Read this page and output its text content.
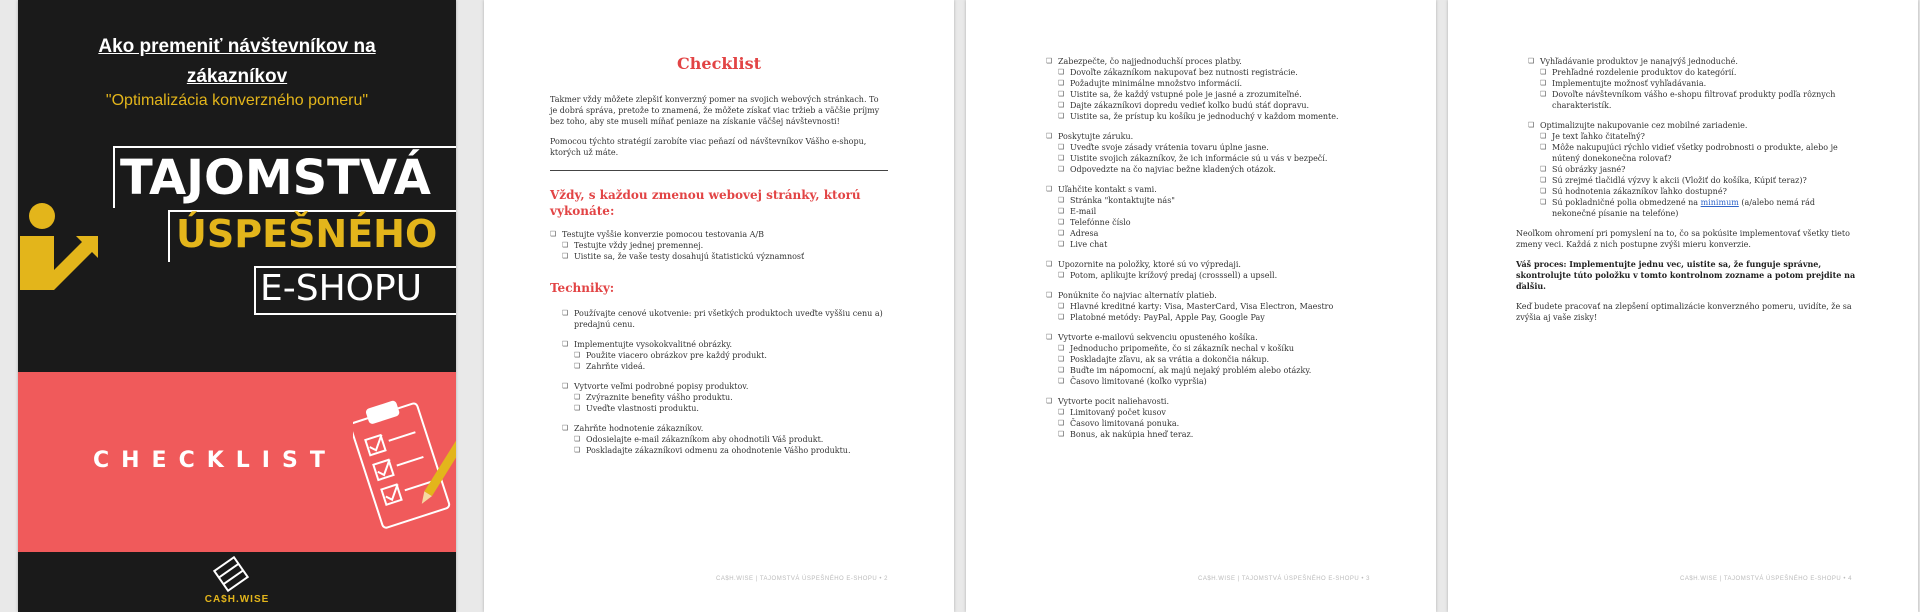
Ako premeniť návštevníkov na
zákazníkov
"Optimalizácia konverzného pomeru"
TAJOMSTVÁ
ÚSPEŠNÉHO
E-SHOPU
CHECKLIST
CA$H.WISE
Checklist

Takmer vždy môžete zlepšiť konverzný pomer na svojich webových stránkach. To je dobrá správa, pretože to znamená, že môžete získať viac tržieb a väčšie príjmy bez toho, aby ste museli míňať peniaze na získanie väčšej návštevnosti!

Pomocou týchto stratégií zarobíte viac peňazí od návštevníkov Vášho e-shopu, ktorých už máte.

Vždy, s každou zmenou webovej stránky, ktorú vykonáte:
❏ Testujte vyššie konverzie pomocou testovania A/B
❏ Testujte vždy jednej premennej.
❏ Uistite sa, že vaše testy dosahujú štatistickú významnosť
Techniky:
❏ Používajte cenové ukotvenie: pri všetkých produktoch uveďte vyššiu cenu a) predajnú cenu.
❏ Implementujte vysokokvalitné obrázky.
❏ Použite viacero obrázkov pre každý produkt.
❏ Zahrňte videá.
❏ Vytvorte veľmi podrobné popisy produktov.
❏ Zvýraznite benefity vášho produktu.
❏ Uveďte vlastnosti produktu.
❏ Zahrňte hodnotenie zákazníkov.
❏ Odosielajte e-mail zákazníkom aby ohodnotili Váš produkt.
❏ Poskladajte zákazníkovi odmenu za ohodnotenie Vášho produktu.
CA$H.WISE | TAJOMSTVÁ ÚSPEŠNÉHO E-SHOPU • 2
❏ Zabezpečte, čo najjednoduchší proces platby.
❏ Dovoľte zákazníkom nakupovať bez nutnosti registrácie.
❏ Požadujte minimálne množstvo informácií.
❏ Uistite sa, že každý vstupné pole je jasné a zrozumiteľné.
❏ Dajte zákazníkovi dopredu vedieť koľko budú stáť dopravu.
❏ Uistite sa, že prístup ku košíku je jednoduchý v každom momente.
❏ Poskytujte záruku.
❏ Uveďte svoje zásady vrátenia tovaru úplne jasne.
❏ Uistite svojich zákazníkov, že ich informácie sú u vás v bezpečí.
❏ Odpovedzte na čo najviac bežne kladených otázok.
❏ Uľahčite kontakt s vami.
❏ Stránka "kontaktujte nás"
❏ E-mail
❏ Telefónne číslo
❏ Adresa
❏ Live chat
❏ Upozornite na položky, ktoré sú vo výpredaji.
❏ Potom, aplikujte krížový predaj (crosssell) a upsell.
❏ Ponúknite čo najviac alternatív platieb.
❏ Hlavné kreditné karty: Visa, MasterCard, Visa Electron, Maestro
❏ Platobné metódy: PayPal, Apple Pay, Google Pay
❏ Vytvorte e-mailovú sekvenciu opusteného košíka.
❏ Jednoducho pripomeňte, čo si zákazník nechal v košíku
❏ Poskladajte zľavu, ak sa vrátia a dokončia nákup.
❏ Buďte im nápomocní, ak majú nejaký problém alebo otázky.
❏ Časovo limitované (koľko vypršia)
❏ Vytvorte pocit naliehavosti.
❏ Limitovaný počet kusov
❏ Časovo limitovaná ponuka.
❏ Bonus, ak nakúpia hneď teraz.
CA$H.WISE | TAJOMSTVÁ ÚSPEŠNÉHO E-SHOPU • 3
❏ Vyhľadávanie produktov je nanajvýš jednoduché.
❏ Prehľadné rozdelenie produktov do kategórií.
❏ Implementujte možnosť vyhľadávania.
❏ Dovoľte návštevníkom vášho e-shopu filtrovať produkty podľa rôznych charakteristík.
❏ Optimalizujte nakupovanie cez mobilné zariadenie.
❏ Je text ľahko čitateľný?
❏ Môže nakupujúci rýchlo vidieť všetky podrobnosti o produkte, alebo je nútený donekonečna rolovať?
❏ Sú obrázky jasné?
❏ Sú zrejmé tlačidlá výzvy k akcii (Vložiť do košíka, Kúpiť teraz)?
❏ Sú hodnotenia zákazníkov ľahko dostupné?
❏ Sú pokladničné polia obmedzené na minimum (a/alebo nemá rád nekonečné písanie na telefóne)

Neoľkom ohromení pri pomyslení na to, čo sa pokúsite implementovať všetky tieto zmeny veci. Každá z nich postupne zvýši mieru konverzie.

Váš proces: Implementujte jednu vec, uistite sa, že funguje správne, skontrolujte túto položku v tomto kontrolnom zozname a potom prejdite na ďalšiu.

Keď budete pracovať na zlepšení optimalizácie konverzného pomeru, uvidíte, že sa zvýšia aj vaše zisky!

CA$H.WISE | TAJOMSTVÁ ÚSPEŠNÉHO E-SHOPU • 4
